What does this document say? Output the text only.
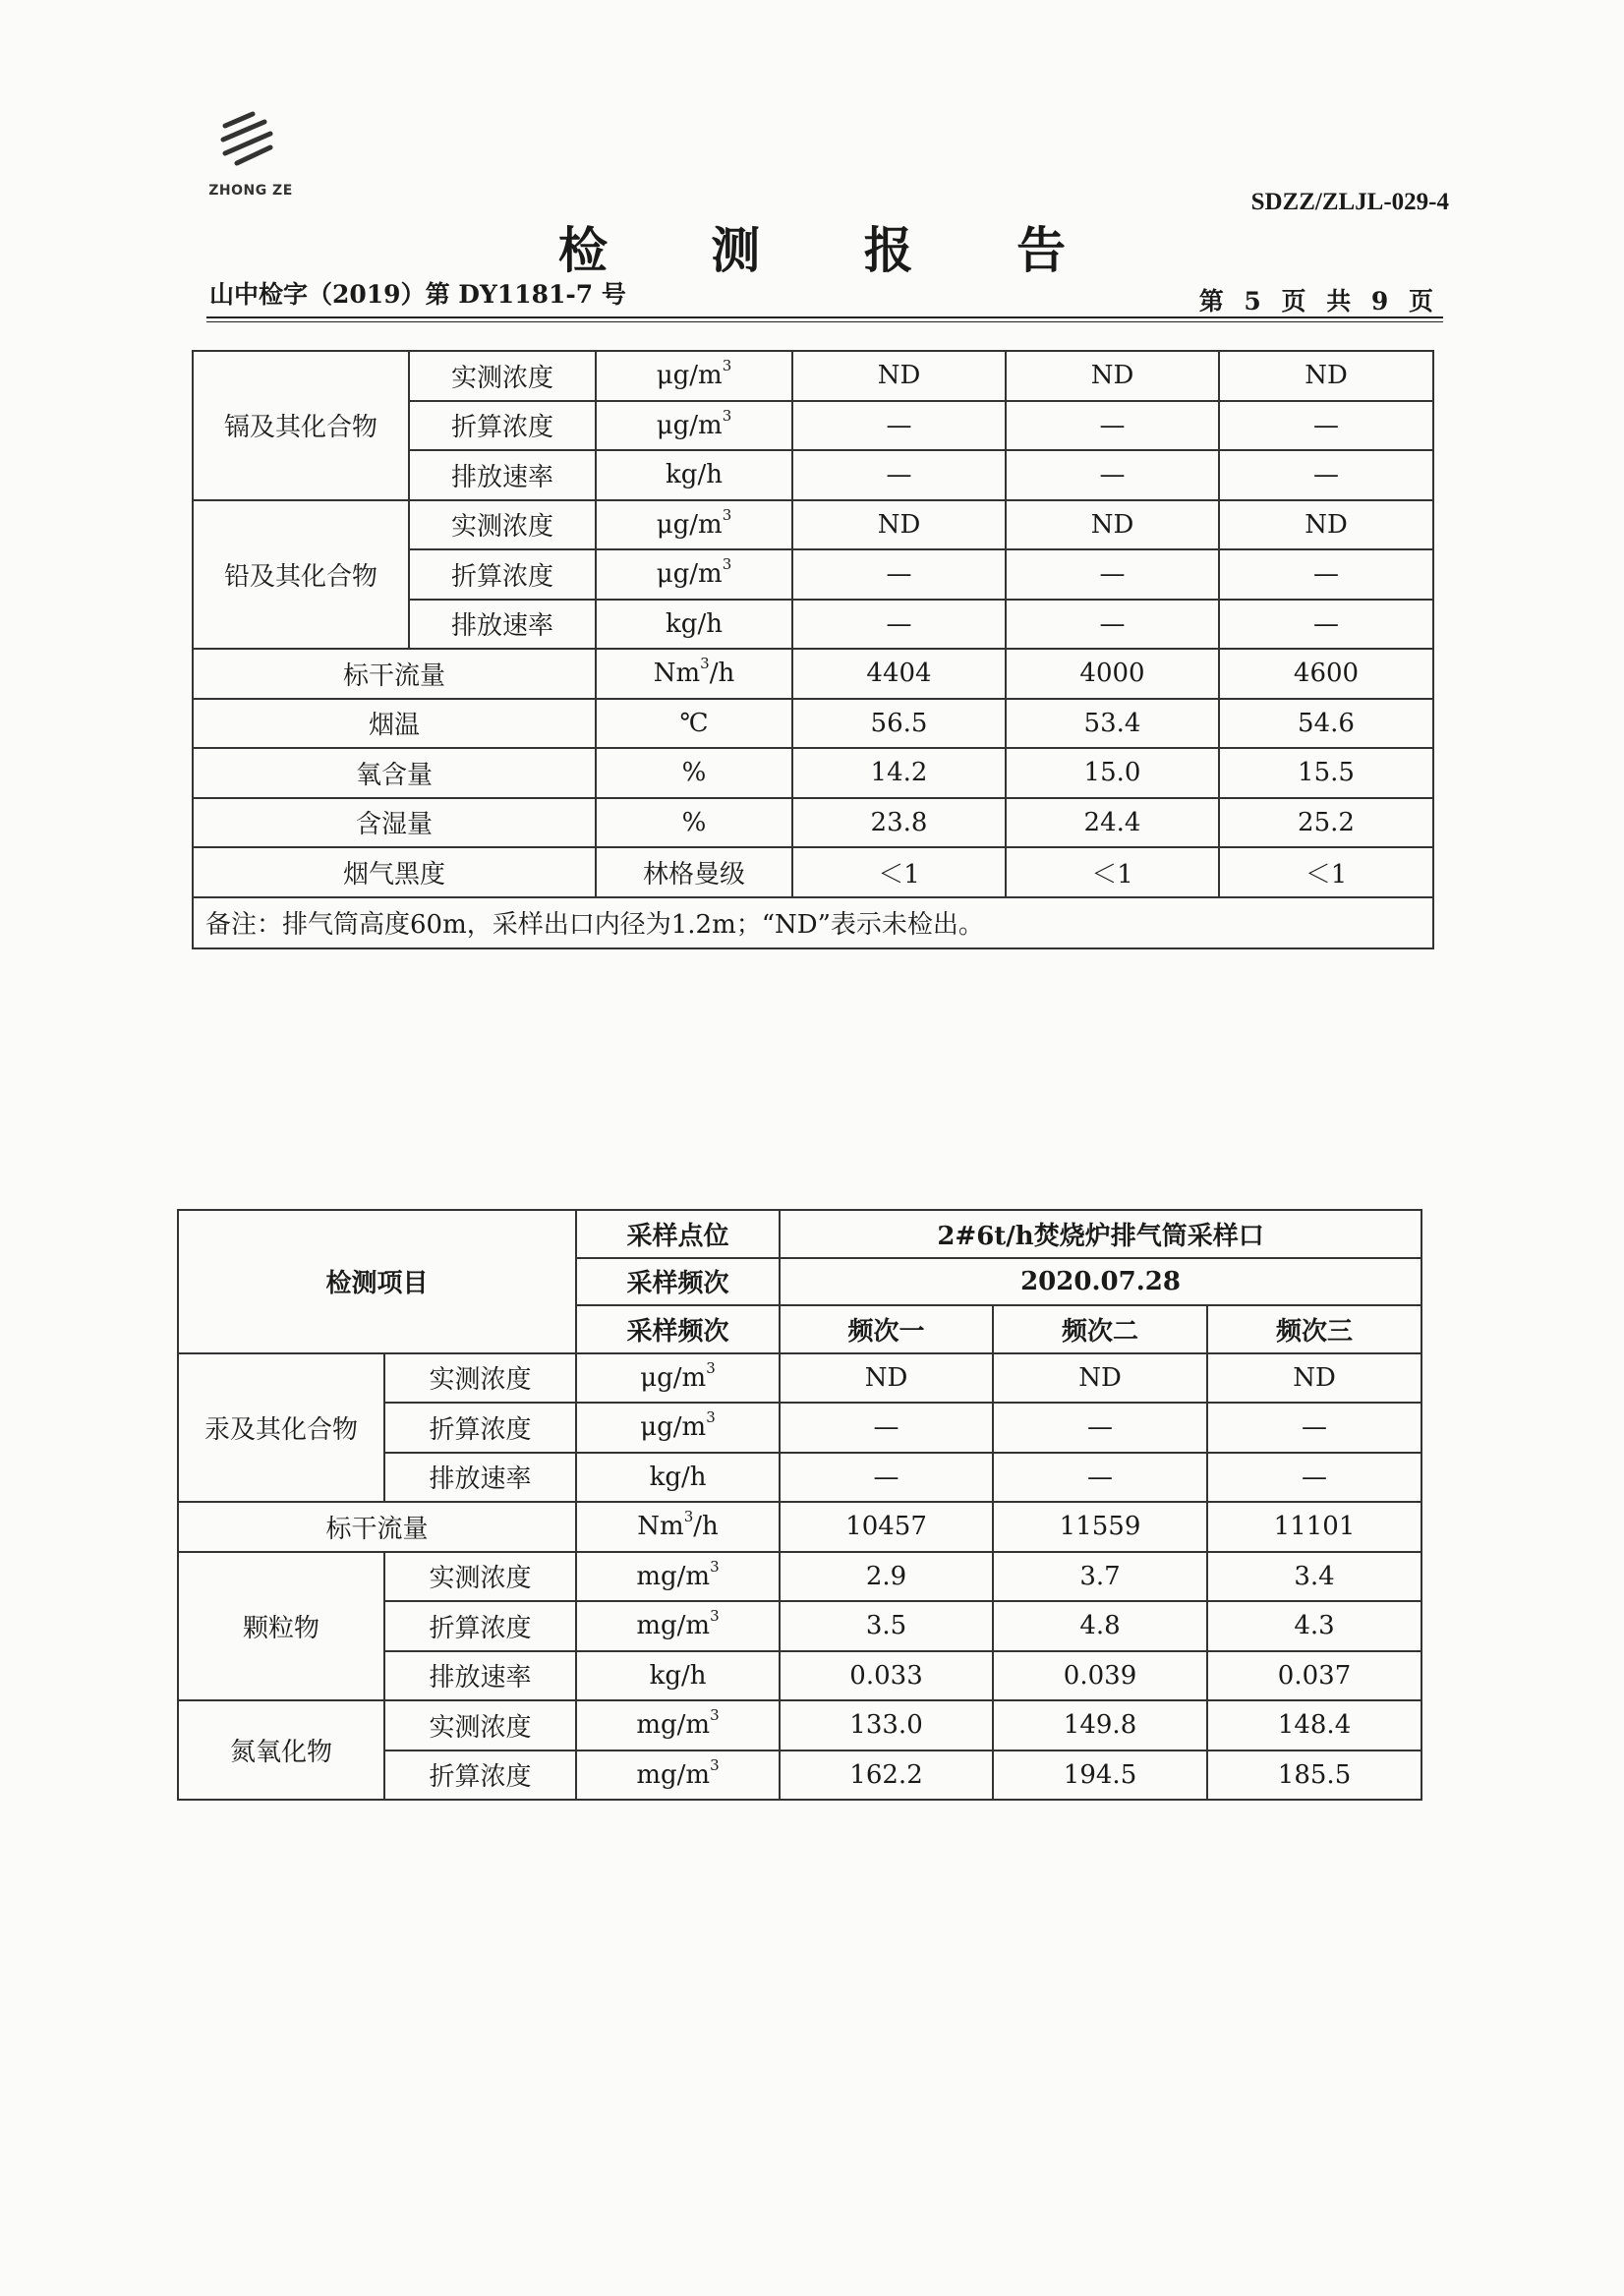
ZHONG ZE	SDZZ/ZLJL-029-4
检 测 报 告
山中检字（2019）第 DY1181-7 号	第 5 页 共 9 页
镉及其化合物	实测浓度	$\mu g/m^3$	ND	ND	ND
	折算浓度	$\mu g/m^3$	—	—	—
	排放速率	kg/h	—	—	—
铅及其化合物	实测浓度	$\mu g/m^3$	ND	ND	ND
	折算浓度	$\mu g/m^3$	—	—	—
	排放速率	kg/h	—	—	—
标干流量		Nm$^3$/h	4404	4000	4600
烟温		℃	56.5	53.4	54.6
氧含量		%	14.2	15.0	15.5
含湿量		%	23.8	24.4	25.2
烟气黑度		林格曼级	＜1	＜1	＜1
备注：排气筒高度60m，采样出口内径为1.2m；“ND”表示未检出。					
检测项目		采样点位	2#6t/h焚烧炉排气筒采样口		
		采样频次	2020.07.28		
		采样频次	频次一	频次二	频次三
汞及其化合物	实测浓度	$\mu g/m^3$	ND	ND	ND
	折算浓度	$\mu g/m^3$	—	—	—
	排放速率	kg/h	—	—	—
标干流量		Nm$^3$/h	10457	11559	11101
颗粒物	实测浓度	$mg/m^3$	2.9	3.7	3.4
	折算浓度	$mg/m^3$	3.5	4.8	4.3
	排放速率	kg/h	0.033	0.039	0.037
氮氧化物	实测浓度	$mg/m^3$	133.0	149.8	148.4
	折算浓度	$mg/m^3$	162.2	194.5	185.5
